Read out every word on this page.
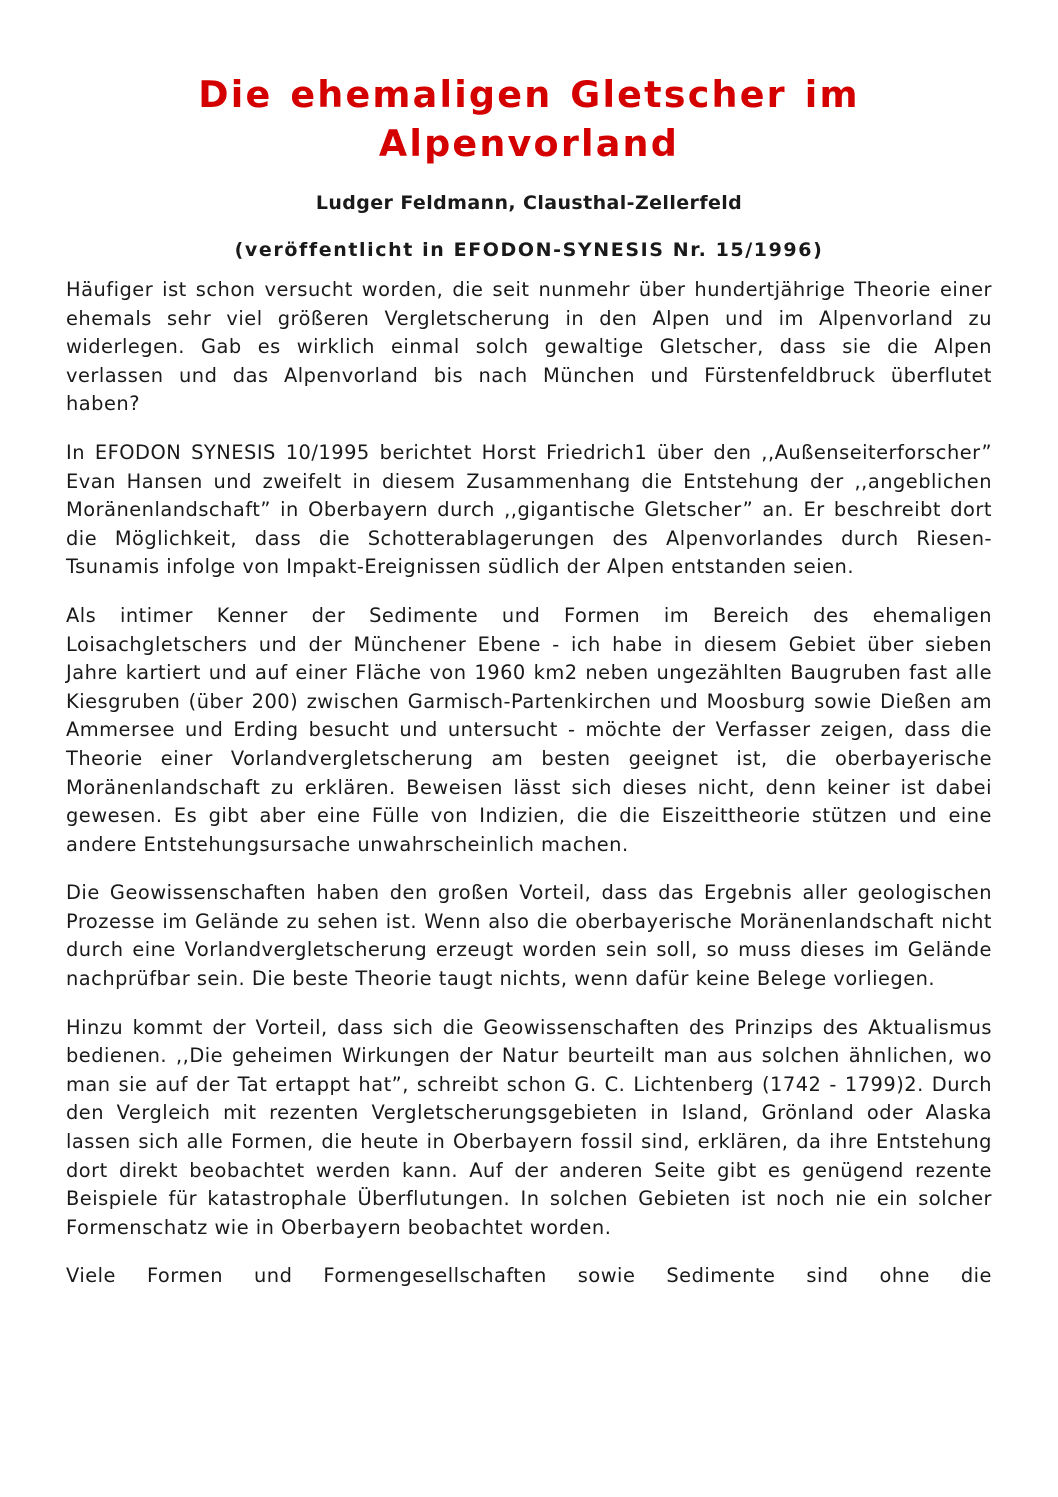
Die ehemaligen Gletscher im Alpenvorland
Ludger Feldmann, Clausthal-Zellerfeld
(veröffentlicht in EFODON-SYNESIS Nr. 15/1996)

Häufiger ist schon versucht worden, die seit nunmehr über hundertjährige Theorie einer ehemals sehr viel größeren Vergletscherung in den Alpen und im Alpenvorland zu widerlegen. Gab es wirklich einmal solch gewaltige Gletscher, dass sie die Alpen verlassen und das Alpenvorland bis nach München und Fürstenfeldbruck überflutet haben?

In EFODON SYNESIS 10/1995 berichtet Horst Friedrich1 über den ,,Außenseiterforscher” Evan Hansen und zweifelt in diesem Zusammenhang die Entstehung der ,,angeblichen Moränenlandschaft” in Oberbayern durch ,,gigantische Gletscher” an. Er beschreibt dort die Möglichkeit, dass die Schotterablagerungen des Alpenvorlandes durch Riesen-Tsunamis infolge von Impakt-Ereignissen südlich der Alpen entstanden seien.

Als intimer Kenner der Sedimente und Formen im Bereich des ehemaligen Loisachgletschers und der Münchener Ebene - ich habe in diesem Gebiet über sieben Jahre kartiert und auf einer Fläche von 1960 km2 neben ungezählten Baugruben fast alle Kiesgruben (über 200) zwischen Garmisch-Partenkirchen und Moosburg sowie Dießen am Ammersee und Erding besucht und untersucht - möchte der Verfasser zeigen, dass die Theorie einer Vorlandvergletscherung am besten geeignet ist, die oberbayerische Moränenlandschaft zu erklären. Beweisen lässt sich dieses nicht, denn keiner ist dabei gewesen. Es gibt aber eine Fülle von Indizien, die die Eiszeittheorie stützen und eine andere Entstehungsursache unwahrscheinlich machen.

Die Geowissenschaften haben den großen Vorteil, dass das Ergebnis aller geologischen Prozesse im Gelände zu sehen ist. Wenn also die oberbayerische Moränenlandschaft nicht durch eine Vorlandvergletscherung erzeugt worden sein soll, so muss dieses im Gelände nachprüfbar sein. Die beste Theorie taugt nichts, wenn dafür keine Belege vorliegen.

Hinzu kommt der Vorteil, dass sich die Geowissenschaften des Prinzips des Aktualismus bedienen. ,,Die geheimen Wirkungen der Natur beurteilt man aus solchen ähnlichen, wo man sie auf der Tat ertappt hat”, schreibt schon G. C. Lichtenberg (1742 - 1799)2. Durch den Vergleich mit rezenten Vergletscherungsgebieten in Island, Grönland oder Alaska lassen sich alle Formen, die heute in Oberbayern fossil sind, erklären, da ihre Entstehung dort direkt beobachtet werden kann. Auf der anderen Seite gibt es genügend rezente Beispiele für katastrophale Überflutungen. In solchen Gebieten ist noch nie ein solcher Formenschatz wie in Oberbayern beobachtet worden.

Viele Formen und Formengesellschaften sowie Sedimente sind ohne die
